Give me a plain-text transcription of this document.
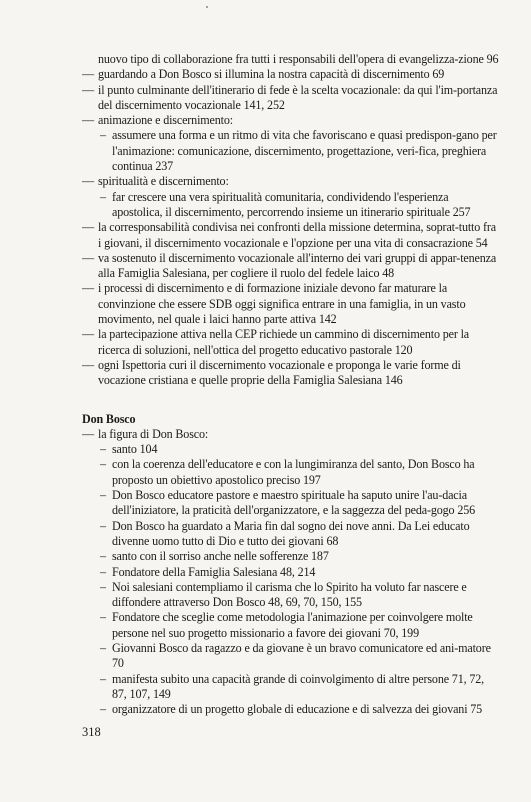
nuovo tipo di collaborazione fra tutti i responsabili dell'opera di evangelizza-zione 96
— guardando a Don Bosco si illumina la nostra capacità di discernimento 69
— il punto culminante dell'itinerario di fede è la scelta vocazionale: da qui l'im-portanza del discernimento vocazionale 141, 252
— animazione e discernimento:
– assumere una forma e un ritmo di vita che favoriscano e quasi predispon-gano per l'animazione: comunicazione, discernimento, progettazione, veri-fica, preghiera continua 237
— spiritualità e discernimento:
– far crescere una vera spiritualità comunitaria, condividendo l'esperienza apostolica, il discernimento, percorrendo insieme un itinerario spirituale 257
— la corresponsabilità condivisa nei confronti della missione determina, soprat-tutto fra i giovani, il discernimento vocazionale e l'opzione per una vita di consacrazione 54
— va sostenuto il discernimento vocazionale all'interno dei vari gruppi di appar-tenenza alla Famiglia Salesiana, per cogliere il ruolo del fedele laico 48
— i processi di discernimento e di formazione iniziale devono far maturare la convinzione che essere SDB oggi significa entrare in una famiglia, in un vasto movimento, nel quale i laici hanno parte attiva 142
— la partecipazione attiva nella CEP richiede un cammino di discernimento per la ricerca di soluzioni, nell'ottica del progetto educativo pastorale 120
— ogni Ispettoria curi il discernimento vocazionale e proponga le varie forme di vocazione cristiana e quelle proprie della Famiglia Salesiana 146
Don Bosco
— la figura di Don Bosco:
– santo 104
– con la coerenza dell'educatore e con la lungimiranza del santo, Don Bosco ha proposto un obiettivo apostolico preciso 197
– Don Bosco educatore pastore e maestro spirituale ha saputo unire l'au-dacia dell'iniziatore, la praticità dell'organizzatore, e la saggezza del peda-gogo 256
– Don Bosco ha guardato a Maria fin dal sogno dei nove anni. Da Lei educato divenne uomo tutto di Dio e tutto dei giovani 68
– santo con il sorriso anche nelle sofferenze 187
– Fondatore della Famiglia Salesiana 48, 214
– Noi salesiani contempliamo il carisma che lo Spirito ha voluto far nascere e diffondere attraverso Don Bosco 48, 69, 70, 150, 155
– Fondatore che sceglie come metodologia l'animazione per coinvolgere molte persone nel suo progetto missionario a favore dei giovani 70, 199
– Giovanni Bosco da ragazzo e da giovane è un bravo comunicatore ed ani-matore 70
– manifesta subito una capacità grande di coinvolgimento di altre persone 71, 72, 87, 107, 149
– organizzatore di un progetto globale di educazione e di salvezza dei giovani 75
318
